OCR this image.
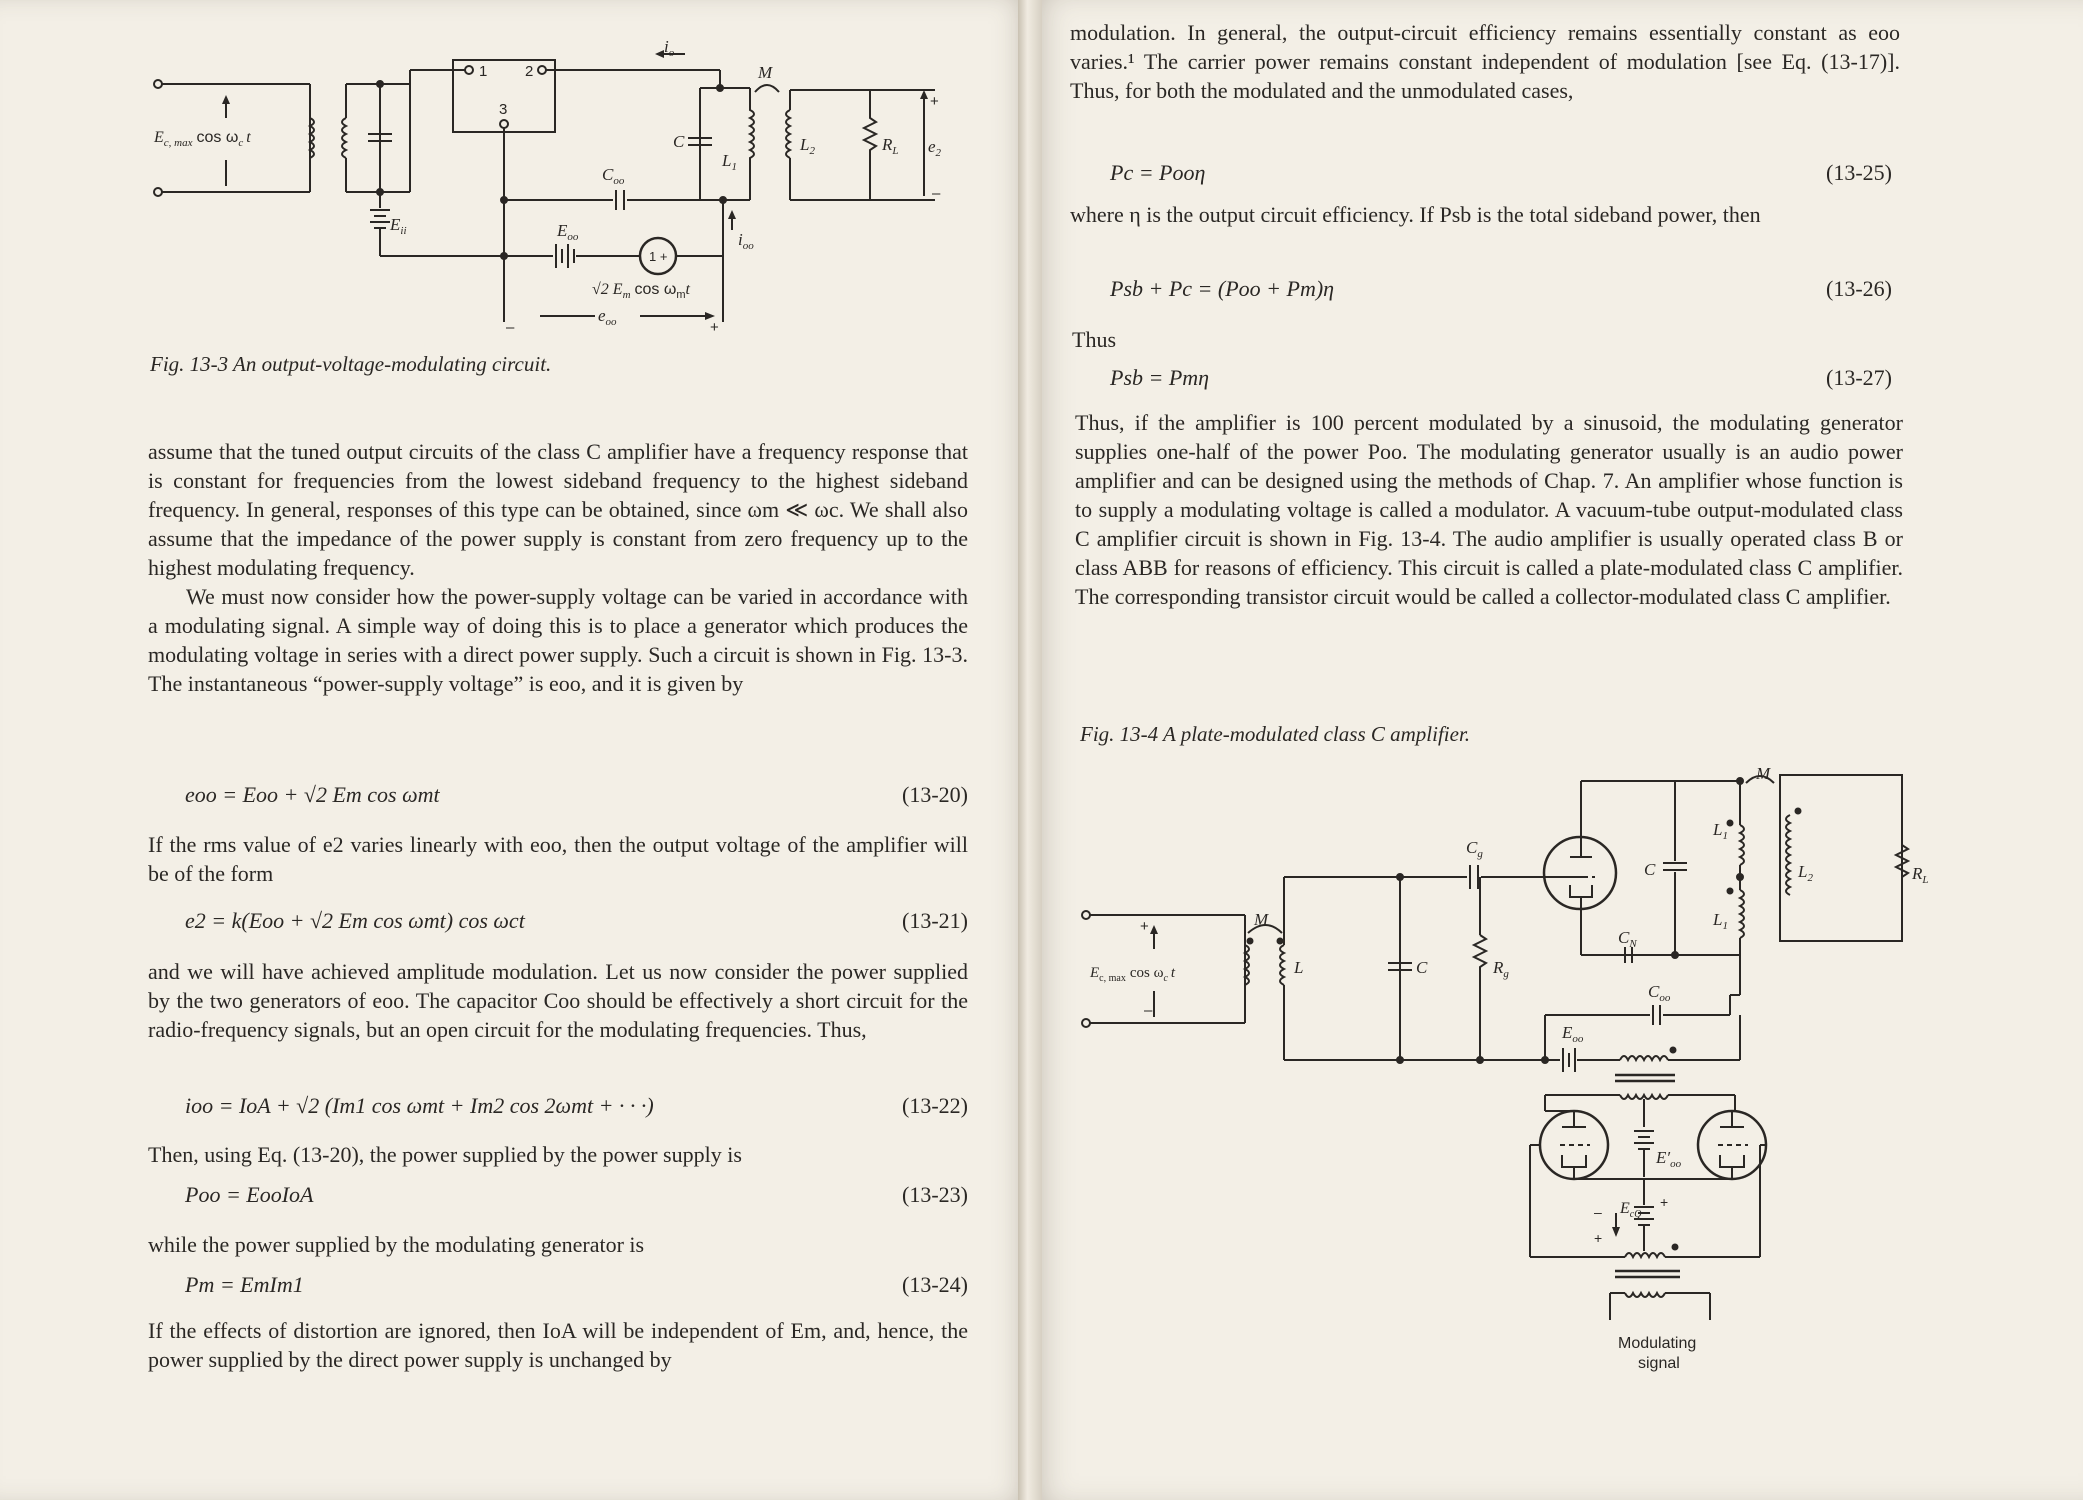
$E_{c, max}$ $\cos \omega_c$ t
1	2
3
$i_o$
M
C
$L_1$
$L_2$	$R_L$ $e_2$
+
–
$C_{oo}$
$E_{ii}$	$E_{oo}$	$i_{oo}$
1 +
√2 $E_m$ $\cos \omega_mt$
$e_{oo}$
–	+
Fig. 13-3 An output-voltage-modulating circuit.

assume that the tuned output circuits of the class C amplifier have a frequency response that is constant for frequencies from the lowest sideband frequency to the highest sideband frequency. In general, responses of this type can be obtained, since ωm ≪ ωc. We shall also assume that the impedance of the power supply is constant from zero frequency up to the highest modulating frequency.

We must now consider how the power-supply voltage can be varied in accordance with a modulating signal. A simple way of doing this is to place a generator which produces the modulating voltage in series with a direct power supply. Such a circuit is shown in Fig. 13-3. The instantaneous “power-supply voltage” is eoo, and it is given by

eoo = Eoo + √2 Em cos ωmt	(13-20)

If the rms value of e2 varies linearly with eoo, then the output voltage of the amplifier will be of the form

e2 = k(Eoo + √2 Em cos ωmt) cos ωct	(13-21)

and we will have achieved amplitude modulation. Let us now consider the power supplied by the two generators of eoo. The capacitor Coo should be effectively a short circuit for the radio-frequency signals, but an open circuit for the modulating frequencies. Thus,

ioo = IoA + √2 (Im1 cos ωmt + Im2 cos 2ωmt + · · ·)	(13-22)

Then, using Eq. (13-20), the power supplied by the power supply is

Poo = EooIoA	(13-23)

while the power supplied by the modulating generator is

Pm = EmIm1	(13-24)

If the effects of distortion are ignored, then IoA will be independent of Em, and, hence, the power supplied by the direct power supply is unchanged by

modulation. In general, the output-circuit efficiency remains essentially constant as eoo varies.¹ The carrier power remains constant independent of modulation [see Eq. (13-17)]. Thus, for both the modulated and the unmodulated cases,

Pc = Pooη	(13-25)

where η is the output circuit efficiency. If Psb is the total sideband power, then

Psb + Pc = (Poo + Pm)η	(13-26)

Thus

Psb = Pmη	(13-27)

Thus, if the amplifier is 100 percent modulated by a sinusoid, the modulating generator supplies one-half of the power Poo. The modulating generator usually is an audio power amplifier and can be designed using the methods of Chap. 7. An amplifier whose function is to supply a modulating voltage is called a modulator. A vacuum-tube output-modulated class C amplifier circuit is shown in Fig. 13-4. The audio amplifier is usually operated class B or class ABB for reasons of efficiency. This circuit is called a plate-modulated class C amplifier. The corresponding transistor circuit would be called a collector-modulated class C amplifier.

Fig. 13-4 A plate-modulated class C amplifier.
$C_g$
M
$L_1$
$L_2$	$R_L$
C
$L_1$
M
+
–
$E_{c, max}$ $\cos \omega_c$ t	L	C	$R_g$
$C_N$
$C_{oo}$
$E_{oo}$
$E'_{oo}$
$E_{cQ}$
+
–
+
Modulating
signal
